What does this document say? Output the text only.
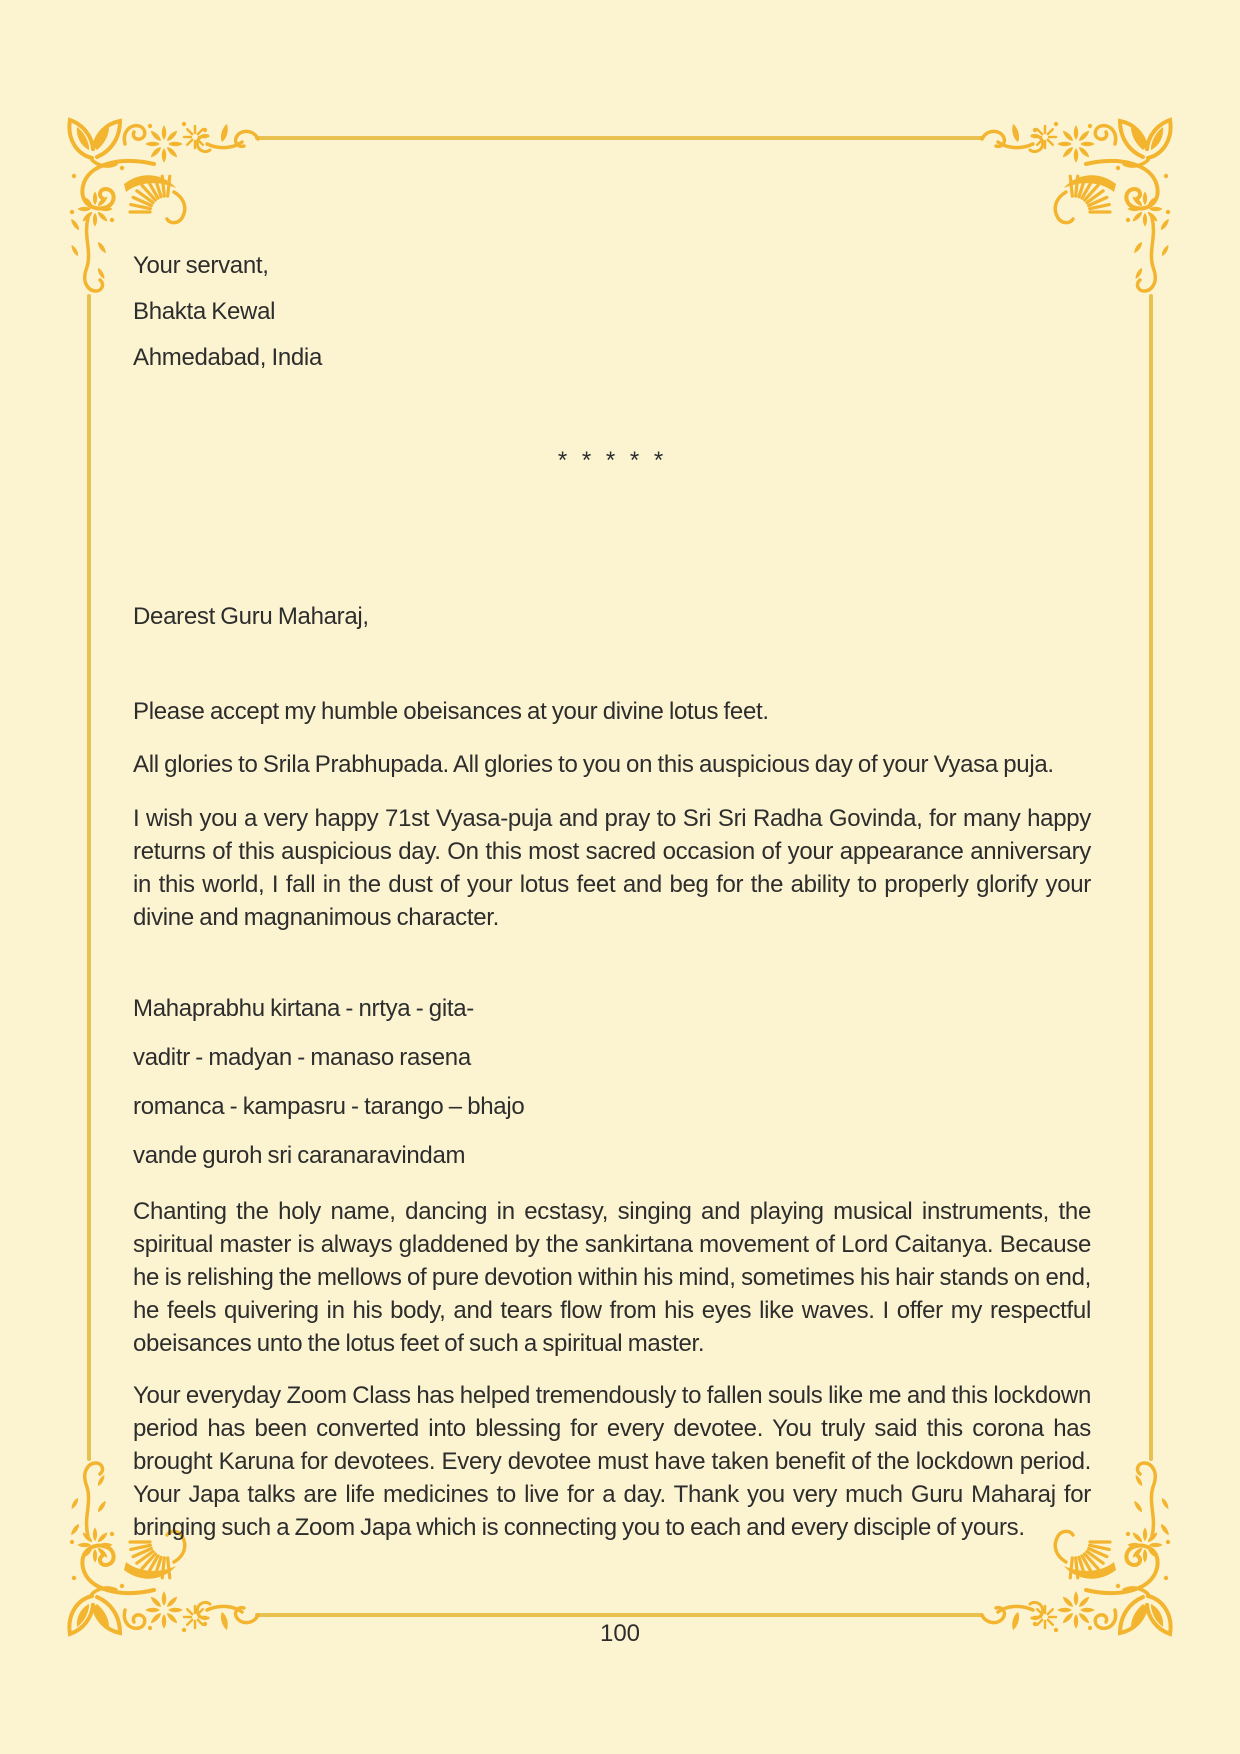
Your servant,

Bhakta Kewal

Ahmedabad, India

* * * * *

Dearest Guru Maharaj,

Please accept my humble obeisances at your divine lotus feet.

All glories to Srila Prabhupada. All glories to you on this auspicious day of your Vyasa puja.

I wish you a very happy 71st Vyasa-puja and pray to Sri Sri Radha Govinda, for many happy returns of this auspicious day. On this most sacred occasion of your appearance anniversary in this world, I fall in the dust of your lotus feet and beg for the ability to properly glorify your divine and magnanimous character.

Mahaprabhu kirtana - nrtya - gita-

vaditr - madyan - manaso rasena

romanca - kampasru - tarango – bhajo

vande guroh sri caranaravindam

Chanting the holy name, dancing in ecstasy, singing and playing musical instruments, the spiritual master is always gladdened by the sankirtana movement of Lord Caitanya. Because he is relishing the mellows of pure devotion within his mind, sometimes his hair stands on end, he feels quivering in his body, and tears flow from his eyes like waves. I offer my respectful obeisances unto the lotus feet of such a spiritual master.

Your everyday Zoom Class has helped tremendously to fallen souls like me and this lockdown period has been converted into blessing for every devotee. You truly said this corona has brought Karuna for devotees. Every devotee must have taken benefit of the lockdown period. Your Japa talks are life medicines to live for a day. Thank you very much Guru Maharaj for bringing such a Zoom Japa which is connecting you to each and every disciple of yours.

100
